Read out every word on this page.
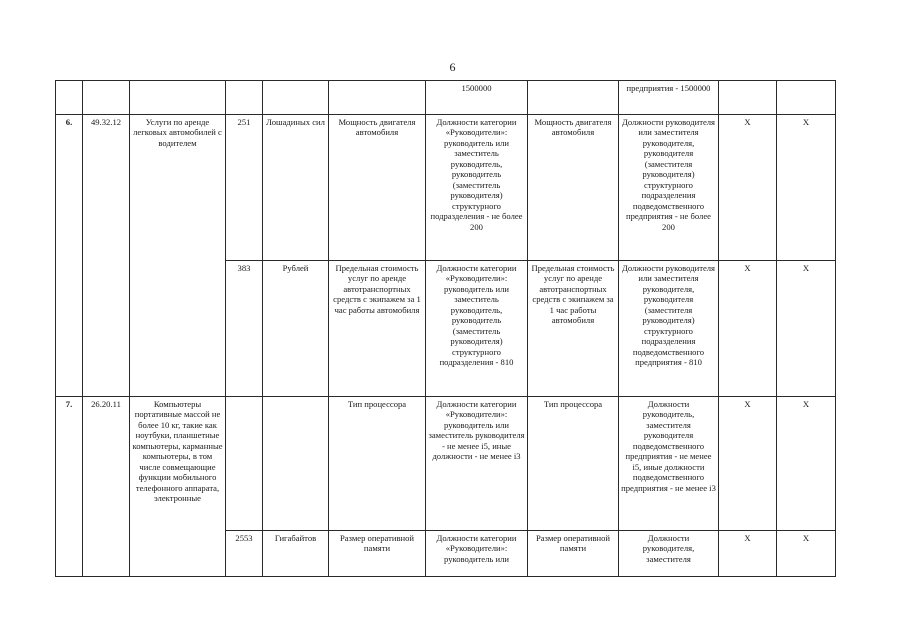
6
						1500000		предприятия - 1500000		
6.	49.32.12	Услуги по аренде легковых автомобилей с водителем	251	Лошадиных сил	Мощность двигателя автомобиля	Должности категории «Руководители»: руководитель или заместитель руководитель, руководитель (заместитель руководителя) структурного подразделения - не более 200	Мощность двигателя автомобиля	Должности руководителя или заместителя руководителя, руководителя (заместителя руководителя) структурного подразделения подведомственного предприятия - не более 200	X	X
			383	Рублей	Предельная стоимость услуг по аренде автотранспортных средств с экипажем за 1 час работы автомобиля	Должности категории «Руководители»: руководитель или заместитель руководитель, руководитель (заместитель руководителя) структурного подразделения - 810	Предельная стоимость услуг по аренде автотранспортных средств с экипажем за 1 час работы автомобиля	Должности руководителя или заместителя руководителя, руководителя (заместителя руководителя) структурного подразделения подведомственного предприятия - 810	X	X
7.	26.20.11	Компьютеры портативные массой не более 10 кг, такие как ноутбуки, планшетные компьютеры, карманные компьютеры, в том числе совмещающие функции мобильного телефонного аппарата, электронные			Тип процессора	Должности категории «Руководители»: руководитель или заместитель руководителя - не менее i5, иные должности - не менее i3	Тип процессора	Должности руководитель, заместителя руководителя подведомственного предприятия - не менее i5, иные должности подведомственного предприятия - не менее i3	X	X
			2553	Гигабайтов	Размер оперативной памяти	Должности категории «Руководители»: руководитель или	Размер оперативной памяти	Должности руководителя, заместителя	X	X
